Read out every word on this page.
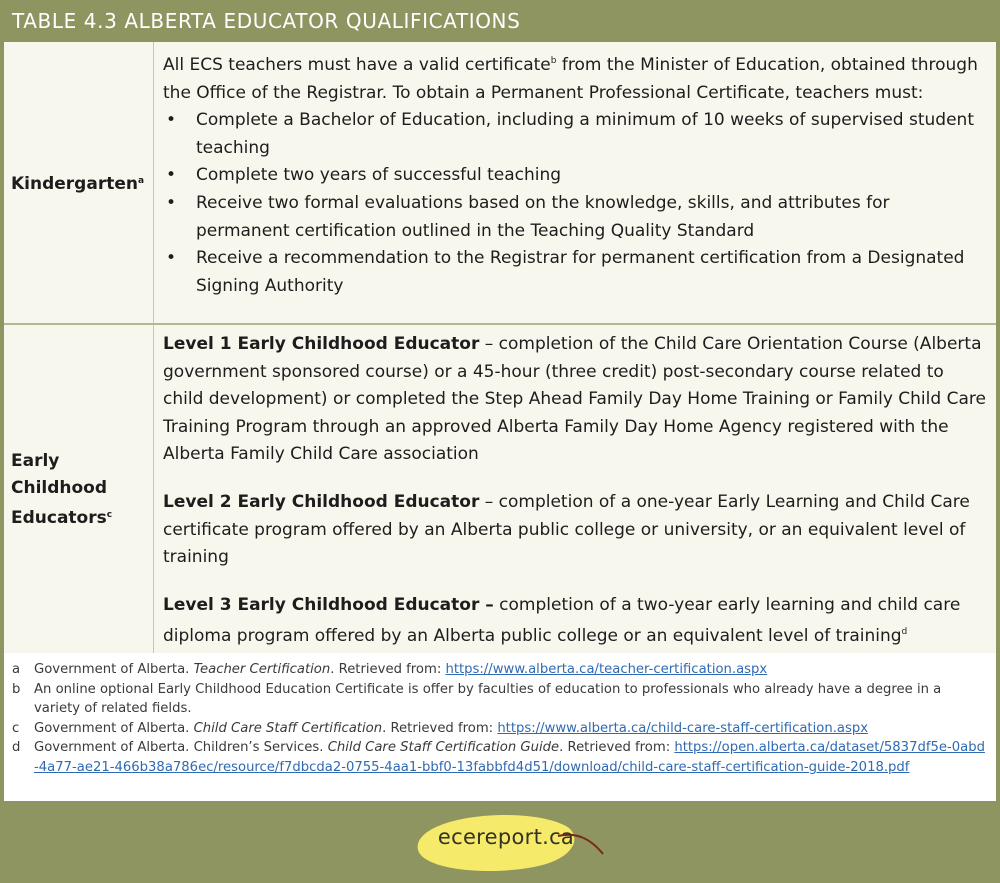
TABLE 4.3 ALBERTA EDUCATOR QUALIFICATIONS
Kindergarten$^a$

All ECS teachers must have a valid certificate$^b$ from the Minister of Education, obtained through the Office of the Registrar. To obtain a Permanent Professional Certificate, teachers must:

• Complete a Bachelor of Education, including a minimum of 10 weeks of supervised student teaching
• Complete two years of successful teaching
• Receive two formal evaluations based on the knowledge, skills, and attributes for permanent certification outlined in the Teaching Quality Standard
• Receive a recommendation to the Registrar for permanent certification from a Designated Signing Authority
Early
Childhood
Educators$^c$

Level 1 Early Childhood Educator – completion of the Child Care Orientation Course (Alberta government sponsored course) or a 45-hour (three credit) post-secondary course related to child development) or completed the Step Ahead Family Day Home Training or Family Child Care Training Program through an approved Alberta Family Day Home Agency registered with the Alberta Family Child Care association

Level 2 Early Childhood Educator – completion of a one-year Early Learning and Child Care certificate program offered by an Alberta public college or university, or an equivalent level of training

Level 3 Early Childhood Educator – completion of a two-year early learning and child care diploma program offered by an Alberta public college or an equivalent level of training$^d$

a	Government of Alberta. Teacher Certification. Retrieved from: https://www.alberta.ca/teacher-certification.aspx
b	An online optional Early Childhood Education Certificate is offer by faculties of education to professionals who already have a degree in a variety of related fields.
c	Government of Alberta. Child Care Staff Certification. Retrieved from: https://www.alberta.ca/child-care-staff-certification.aspx
d	Government of Alberta. Children’s Services. Child Care Staff Certification Guide. Retrieved from: https://open.alberta.ca/dataset/5837df5e-0abd-4a77-ae21-466b38a786ec/resource/f7dbcda2-0755-4aa1-bbf0-13fabbfd4d51/download/child-care-staff-certification-guide-2018.pdf
ecereport.ca
